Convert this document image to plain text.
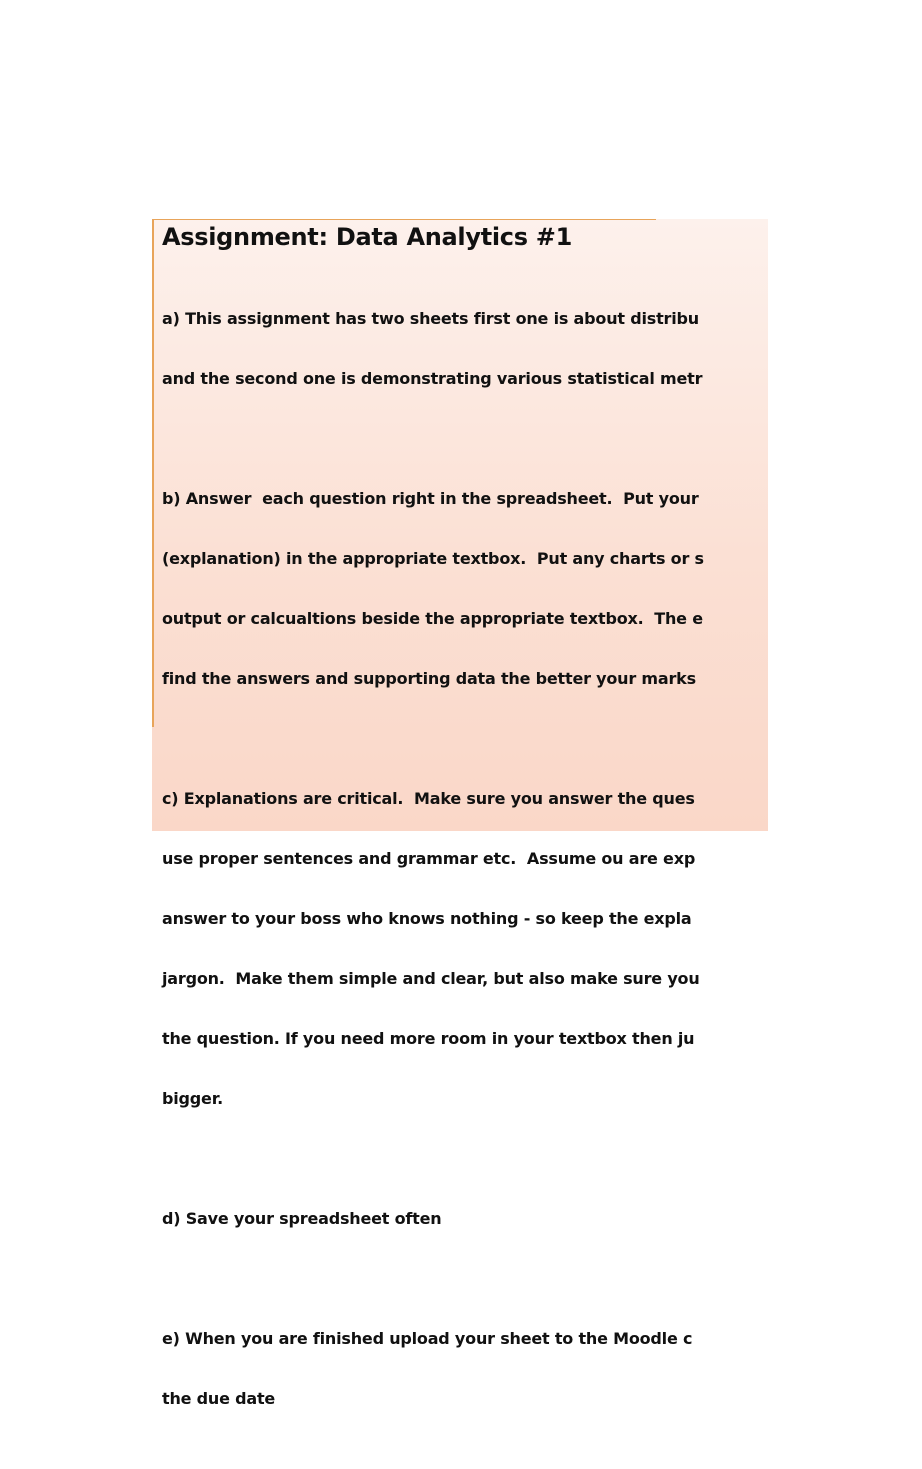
Assignment: Data Analytics #1

a) This assignment has two sheets first one is about distribu

and the second one is demonstrating various statistical metr

b) Answer  each question right in the spreadsheet.  Put your

(explanation) in the appropriate textbox.  Put any charts or s

output or calcualtions beside the appropriate textbox.  The e

find the answers and supporting data the better your marks

c) Explanations are critical.  Make sure you answer the ques

use proper sentences and grammar etc.  Assume ou are exp

answer to your boss who knows nothing - so keep the expla

jargon.  Make them simple and clear, but also make sure you

the question. If you need more room in your textbox then ju

bigger.

d) Save your spreadsheet often

e) When you are finished upload your sheet to the Moodle c

the due date
